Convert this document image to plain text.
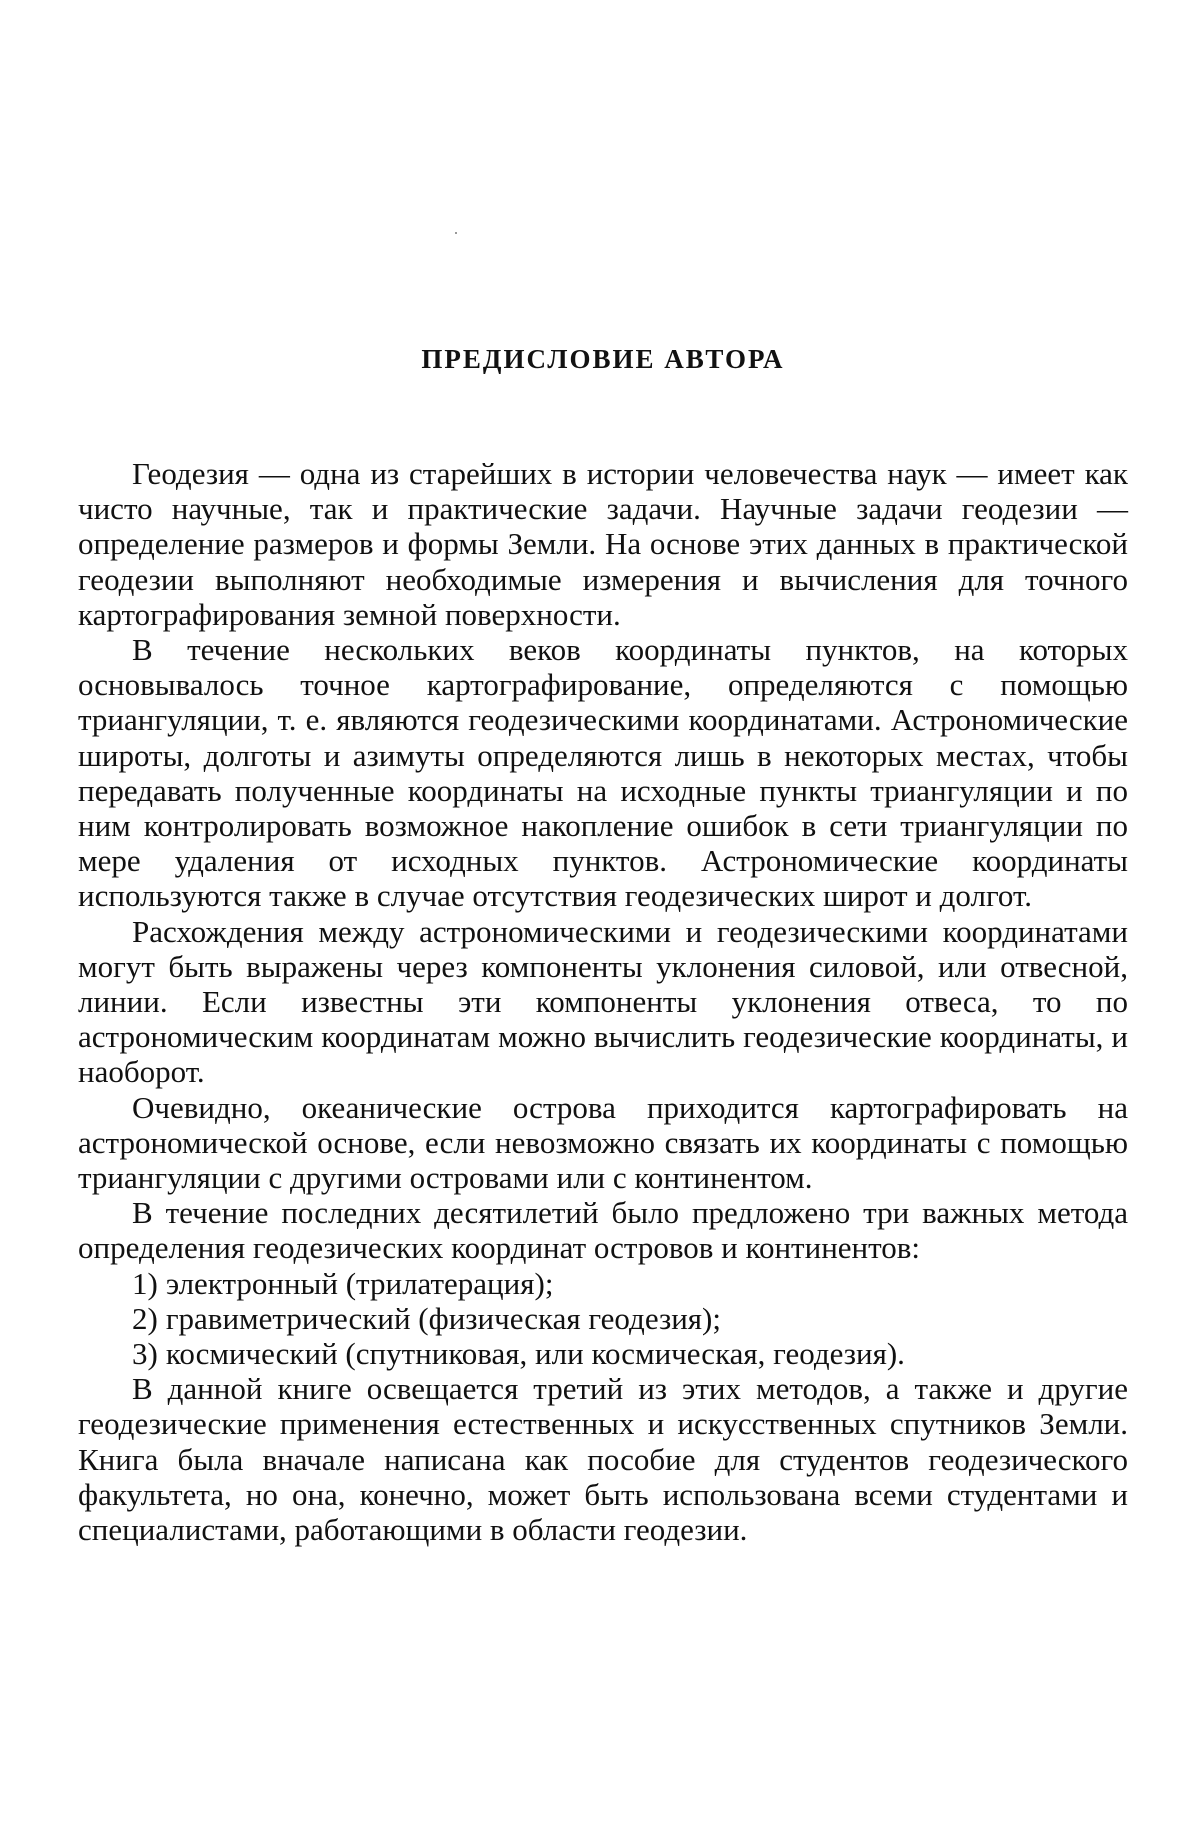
ПРЕДИСЛОВИЕ АВТОРА

Геодезия — одна из старейших в истории человечества наук — имеет как чисто научные, так и практические задачи. Научные задачи геодезии — определение размеров и формы Земли. На основе этих данных в практической геодезии выполняют необходимые измерения и вычисления для точного картографирования земной поверхности.

В течение нескольких веков координаты пунктов, на которых основывалось точное картографирование, определяются с помощью триангуляции, т. е. являются геодезическими координатами. Астрономические широты, долготы и азимуты определяются лишь в некоторых местах, чтобы передавать полученные координаты на исходные пункты триангуляции и по ним контролировать возможное накопление ошибок в сети триангуляции по мере удаления от исходных пунктов. Астрономические координаты используются также в случае отсутствия геодезических широт и долгот.

Расхождения между астрономическими и геодезическими координатами могут быть выражены через компоненты уклонения силовой, или отвесной, линии. Если известны эти компоненты уклонения отвеса, то по астрономическим координатам можно вычислить геодезические координаты, и наоборот.

Очевидно, океанические острова приходится картографировать на астрономической основе, если невозможно связать их координаты с помощью триангуляции с другими островами или с континентом.

В течение последних десятилетий было предложено три важных метода определения геодезических координат островов и континентов:

1) электронный (трилатерация);
2) гравиметрический (физическая геодезия);
3) космический (спутниковая, или космическая, геодезия).

В данной книге освещается третий из этих методов, а также и другие геодезические применения естественных и искусственных спутников Земли. Книга была вначале написана как пособие для студентов геодезического факультета, но она, конечно, может быть использована всеми студентами и специалистами, работающими в области геодезии.
